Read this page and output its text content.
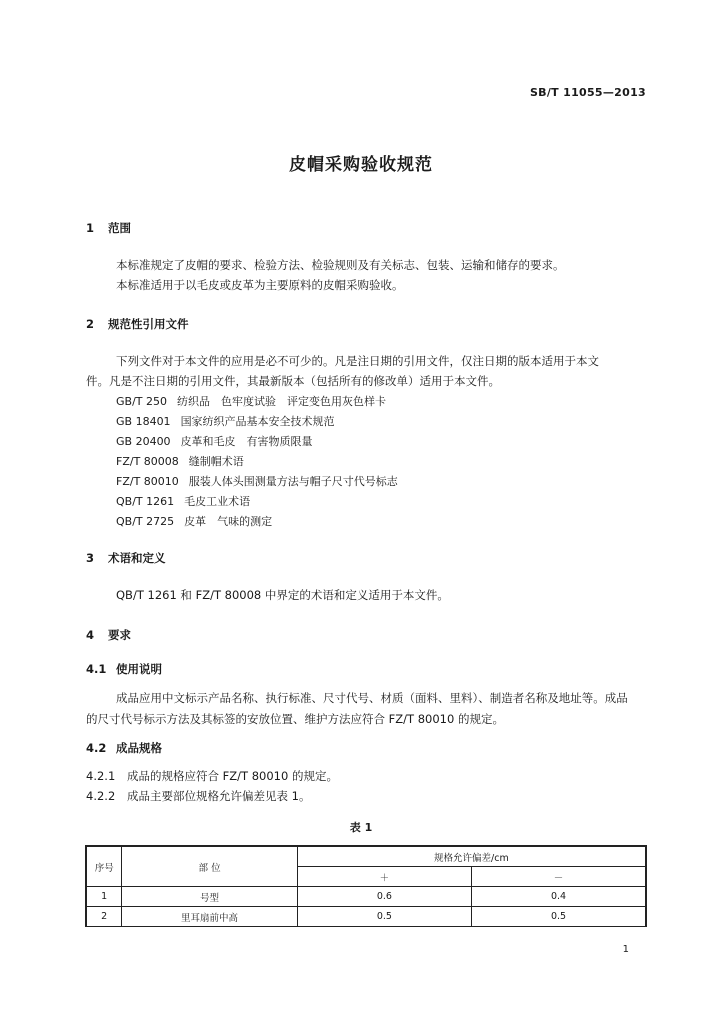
SB/T 11055—2013
皮帽采购验收规范
1 范围
本标准规定了皮帽的要求、检验方法、检验规则及有关标志、包装、运输和储存的要求。
本标准适用于以毛皮或皮革为主要原料的皮帽采购验收。
2 规范性引用文件
下列文件对于本文件的应用是必不可少的。凡是注日期的引用文件，仅注日期的版本适用于本文
件。凡是不注日期的引用文件，其最新版本（包括所有的修改单）适用于本文件。
GB/T 250 纺织品　色牢度试验　评定变色用灰色样卡
GB 18401 国家纺织产品基本安全技术规范
GB 20400 皮革和毛皮　有害物质限量
FZ/T 80008 缝制帽术语
FZ/T 80010 服装人体头围测量方法与帽子尺寸代号标志
QB/T 1261 毛皮工业术语
QB/T 2725 皮革　气味的测定
3 术语和定义
QB/T 1261 和 FZ/T 80008 中界定的术语和定义适用于本文件。
4 要求
4.1 使用说明
成品应用中文标示产品名称、执行标准、尺寸代号、材质（面料、里料）、制造者名称及地址等。成品
的尺寸代号标示方法及其标签的安放位置、维护方法应符合 FZ/T 80010 的规定。
4.2 成品规格
4.2.1 成品的规格应符合 FZ/T 80010 的规定。
4.2.2 成品主要部位规格允许偏差见表 1。
表 1
序号	部 位	规格允许偏差/cm	
		＋	－
1	号型	0.6	0.4
2	里耳扇前中高	0.5	0.5
1
